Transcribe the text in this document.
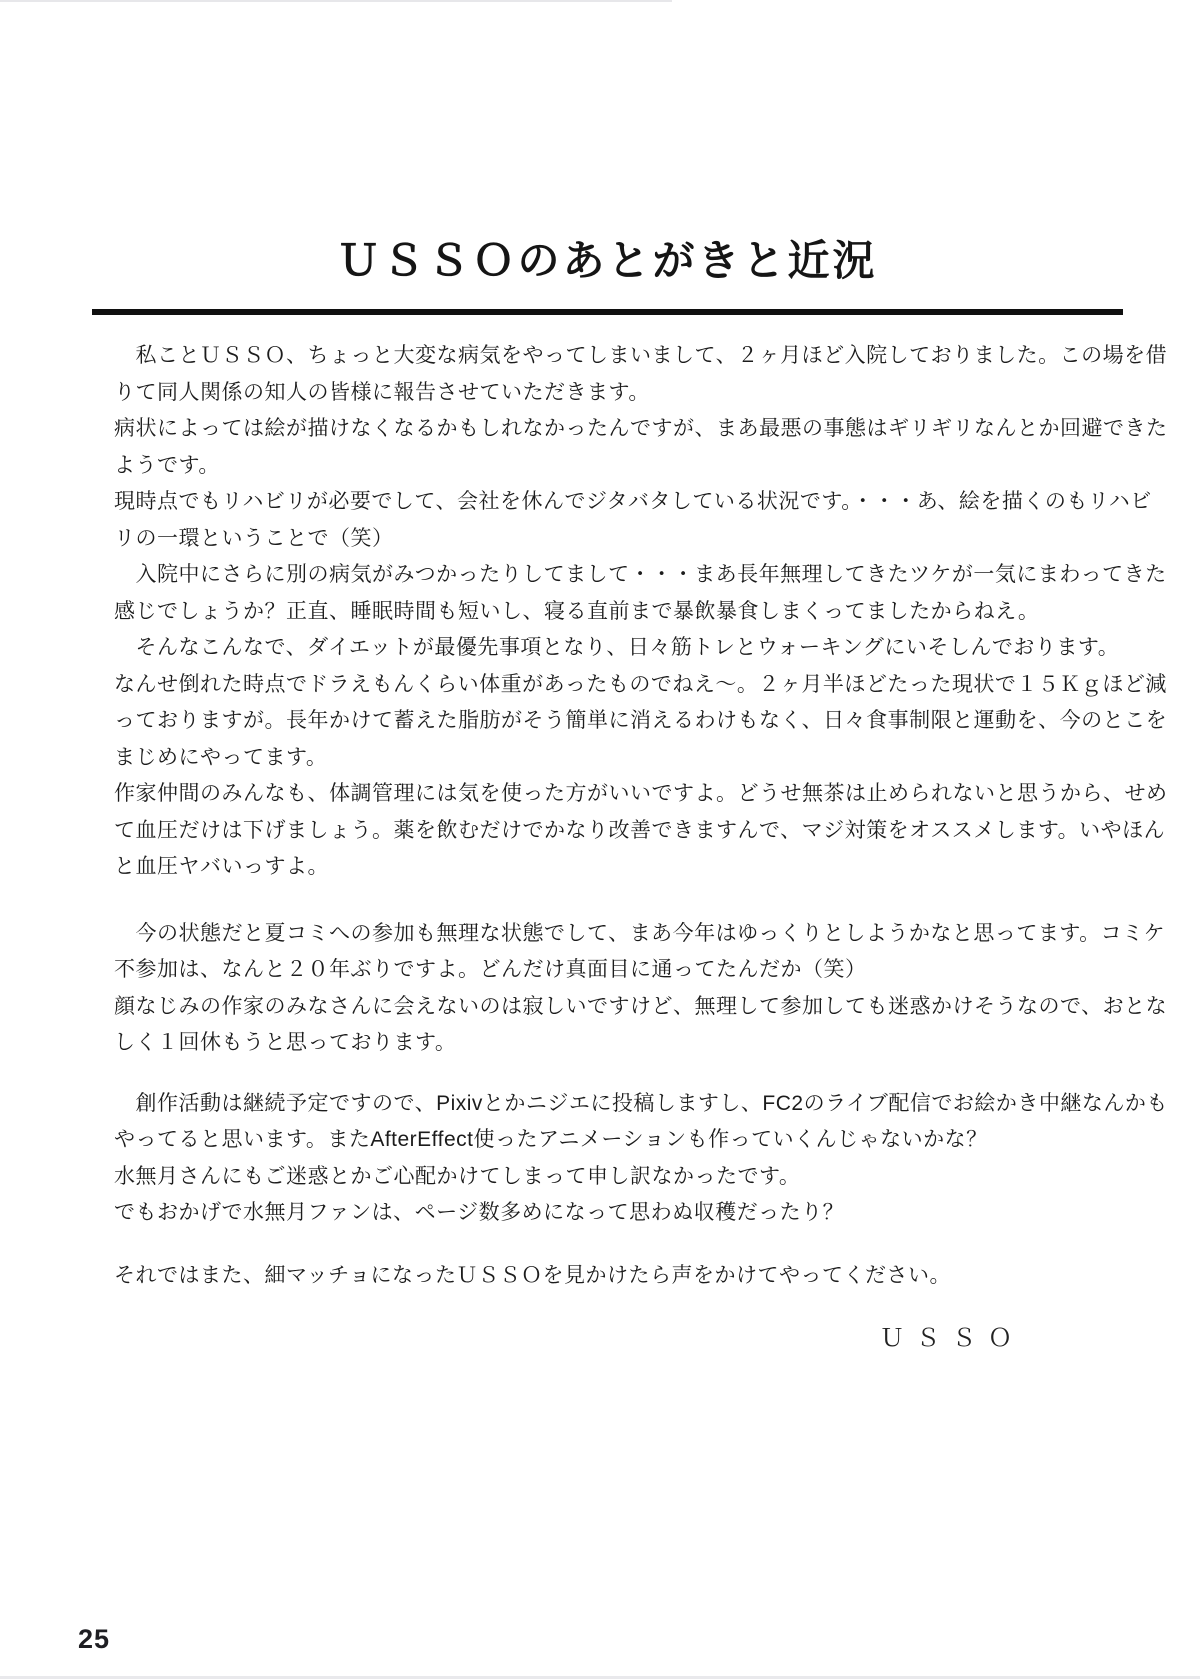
ＵＳＳＯのあとがきと近況
　私ことＵＳＳＯ、ちょっと大変な病気をやってしまいまして、２ヶ月ほど入院しておりました。この場を借
りて同人関係の知人の皆様に報告させていただきます。
病状によっては絵が描けなくなるかもしれなかったんですが、まあ最悪の事態はギリギリなんとか回避できた
ようです。
現時点でもリハビリが必要でして、会社を休んでジタバタしている状況です。・・・あ、絵を描くのもリハビ
リの一環ということで（笑）
　入院中にさらに別の病気がみつかったりしてまして・・・まあ長年無理してきたツケが一気にまわってきた
感じでしょうか？正直、睡眠時間も短いし、寝る直前まで暴飲暴食しまくってましたからねえ。
　そんなこんなで、ダイエットが最優先事項となり、日々筋トレとウォーキングにいそしんでおります。
なんせ倒れた時点でドラえもんくらい体重があったものでねえ～。２ヶ月半ほどたった現状で１５Ｋｇほど減
っておりますが。長年かけて蓄えた脂肪がそう簡単に消えるわけもなく、日々食事制限と運動を、今のとこを
まじめにやってます。
作家仲間のみんなも、体調管理には気を使った方がいいですよ。どうせ無茶は止められないと思うから、せめ
て血圧だけは下げましょう。薬を飲むだけでかなり改善できますんで、マジ対策をオススメします。いやほん
と血圧ヤバいっすよ。
　今の状態だと夏コミへの参加も無理な状態でして、まあ今年はゆっくりとしようかなと思ってます。コミケ
不参加は、なんと２０年ぶりですよ。どんだけ真面目に通ってたんだか（笑）
顔なじみの作家のみなさんに会えないのは寂しいですけど、無理して参加しても迷惑かけそうなので、おとな
しく１回休もうと思っております。
　創作活動は継続予定ですので、Pixivとかニジエに投稿しますし、FC2のライブ配信でお絵かき中継なんかも
やってると思います。またAfterEffect使ったアニメーションも作っていくんじゃないかな？
水無月さんにもご迷惑とかご心配かけてしまって申し訳なかったです。
でもおかげで水無月ファンは、ページ数多めになって思わぬ収穫だったり？
それではまた、細マッチョになったＵＳＳＯを見かけたら声をかけてやってください。
ＵＳＳＯ
25
